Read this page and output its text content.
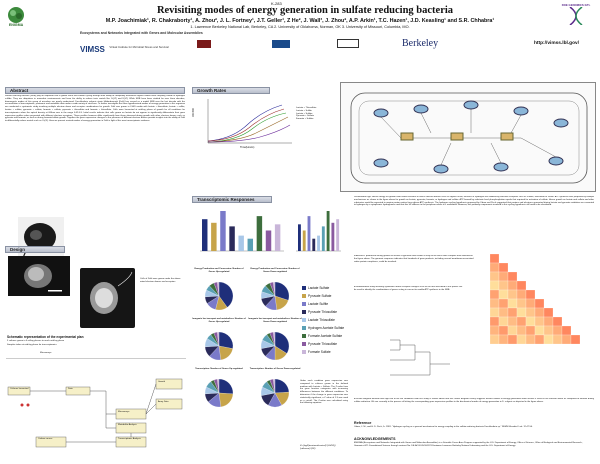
ENIGMA
K-283
Revisiting modes of energy generation in sulfate reducing bacteria
M.P. Joachimiak¹, R. Chakraborty¹, A. Zhou², J. L. Fortney¹, J.T. Geller¹, Z He², J. Wall³, J. Zhou², A.P. Arkin¹, T.C. Hazen¹, J.D. Keasling¹ and S.R. Chhabra¹
1. Lawrence Berkeley National Lab, Berkeley, CA 2. University of Oklahoma, Norman, OK 3. University of Missouri, Columbia, MO.
DOE GENOMICS:GTL
Ecosystems and Networks Integrated with Genes and Molecular Assemblies
VIMSS Virtual Institute for Microbial Stress and Survival	Berkeley	http://vimss.lbl.gov/
Abstract
Sulfate reducing bacteria (SRB) play an important role in global sulfur and carbon cycling through their ability to completely mineralize organic matter while respiring sulfate to hydrogen sulfide. They are ubiquitous in anaerobic environments and have the ability to reduce toxic metals like Cr(VI) and U(VI). While SRB have been studied for over three decades, bioenergetic modes of this group of microbes are poorly understood. Desulfovibrio vulgaris strain Hildenborough (DvH) has served as a model SRB over the last decade with the accumulation of transcriptomic, proteomic and metabolic data under a wide variety of stressors. To further investigate the three hypothesized modes of energy generation in this organism we conducted a systematic study involving multiple electron donor and acceptor combinations for growth. DvH was grown in LS4D media with lactate + thiosulfate, lactate + sulfite, lactate + sulfate, pyruvate + sulfate, formate + sulfate, pyruvate + thiosulfate and formate + thiosulfate. Cells were harvested at mid-log phase of growth for all conditions for transcriptomics when the optical density at 600nm was in the range 0.42-0.5. Initial results indicate that cells grown on lactate do not appear to significantly differentiate their gene expression profiles when presented with different electron acceptors. These profiles however differ significantly from those observed during growth with other electron donors such as pyruvate and formate, as well as during formate/sulfate growth. Together the gene expression changes in the presence of different electron donors provide insights into the ability of DvH to differentially reduce metals such as Cr(VI). Here we present revised modes of energy generation in DvH in light of this new transcriptomic evidence.
Growth Rates
OD 600
Time(Hours)
Lactate + Thiosulfate
Lactate + Sulfite
Lactate + Sulfate
Pyruvate + Sulfate
Formate + Sulfate
Design
Cells of DvH were grown under the above noted electron donors and acceptors
Schematic representation of the experimental plan
3 cultures grown in 6 rolling phases to reach mid-log phase
Samples taken at mid-log phase for transcriptomics
Microarrays
Growth
Microarrays
Array Data
Cultures harvested
Transcriptomic Analysis
Metabolite Analysis
Carbon source
Data
Transcriptomic Responses
Energy Production and Conversion: Number of Genes Up-regulated
Energy Production and Conversion: Number of Genes Down-regulated
Inorganic Ion transport and metabolism: Number of Genes Up-regulated
Inorganic Ion transport and metabolism: Number of Genes Down-regulated
Transcription: Number of Genes Up-regulated	Transcription: Number of Genes Down-regulated
Lactate Sulfate
Pyruvate Sulfate
Lactate Sulfite
Pyruvate Thiosulfate
Lactate Thiosulfate
Hydrogen Acetate Sulfate
Formate Acetate Sulfate
Pyruvate Thiosulfate
Formate Sulfate
Under each condition gene expression was compared to cultures grown in the defined medium with Lactate + Sulfate. The Z-value from the gene function categories with increasing differences between the different conditions. To determine if the change in gene expression was statistically significant, a Z value of 1.5 was used as a cut-off. The Z-value was calculated using the following equation:
Z= (log2(treatment/control)/ (LSD/2))(sd/mean)^(1/2)
Desulfovibrio spp. derive energy for growth from redox reactions in which electron donors such as organic acids, alcohols or hydrogen are oxidized by electron acceptors such as sulfate, thiosulfate or sulfite. ATP synthesis was proposed by multiple mechanisms as shown in the figure above for growth on lactate, pyruvate, formate, or hydrogen and sulfate. ATP formed by substrate level phosphorylation equals that required for activation of sulfate. Hence growth on lactate and sulfate and other substrates would be expected to require proton motive force-driven ATP synthesis. The hydrogen cycling hypothesis proposed by Odom and Peck suggested that protons and electrons generated during lactate and pyruvate oxidation are converted to hydrogen by a cytoplasmic hydrogenase and that this H2 diffuses to the periplasm where it is reoxidized. However, this pathway components involved in this cycling hypothesis still need to be elucidated.
Indeed ATP production during growth on lactate or pyruvate and sulfate is likely to be much more complex than indicated in the figure above. The genomic sequence indicates that hundreds of gene products, including several membrane-associated redox protein complexes, could be involved.
A combinatorial study involving systematic donor acceptor changes such as the one described in this poster can be used to identify the combinations of genes acting in concert to enable ATP synthesis in the SRB.
A cluster diagram derived from eight out of the ten conditions from this study is shown above and this cluster diagram clearly suggests distinct modes of energy generation when lactate is used as the electron donor as compared to formate during sulfate reduction. We are currently in the process of linking the corresponding gene expression profiles to the biochemical modes of energy generation in D. vulgaris as depicted in the figure above.
Reference
Odom, J. M., and H. D. Peck, Jr. 1981. "Hydrogen cycling as a general mechanism for energy coupling in the sulfate-reducing bacteria Desulfovibrio sp." FEMS Microbiol. Lett. 12:47-50.
ACKNOWLEDGEMENTS
ENIGMA (Ecosystems and Networks Integrated with Genes and Molecular Assemblies) is a Scientific Focus Area Program supported by the U.S. Department of Energy, Office of Science, Office of Biological and Environmental Research, Genomics:GTL Foundational Science through contract No. DE-AC02-05CH11231 between Lawrence Berkeley National Laboratory and the U.S. Department of Energy.
